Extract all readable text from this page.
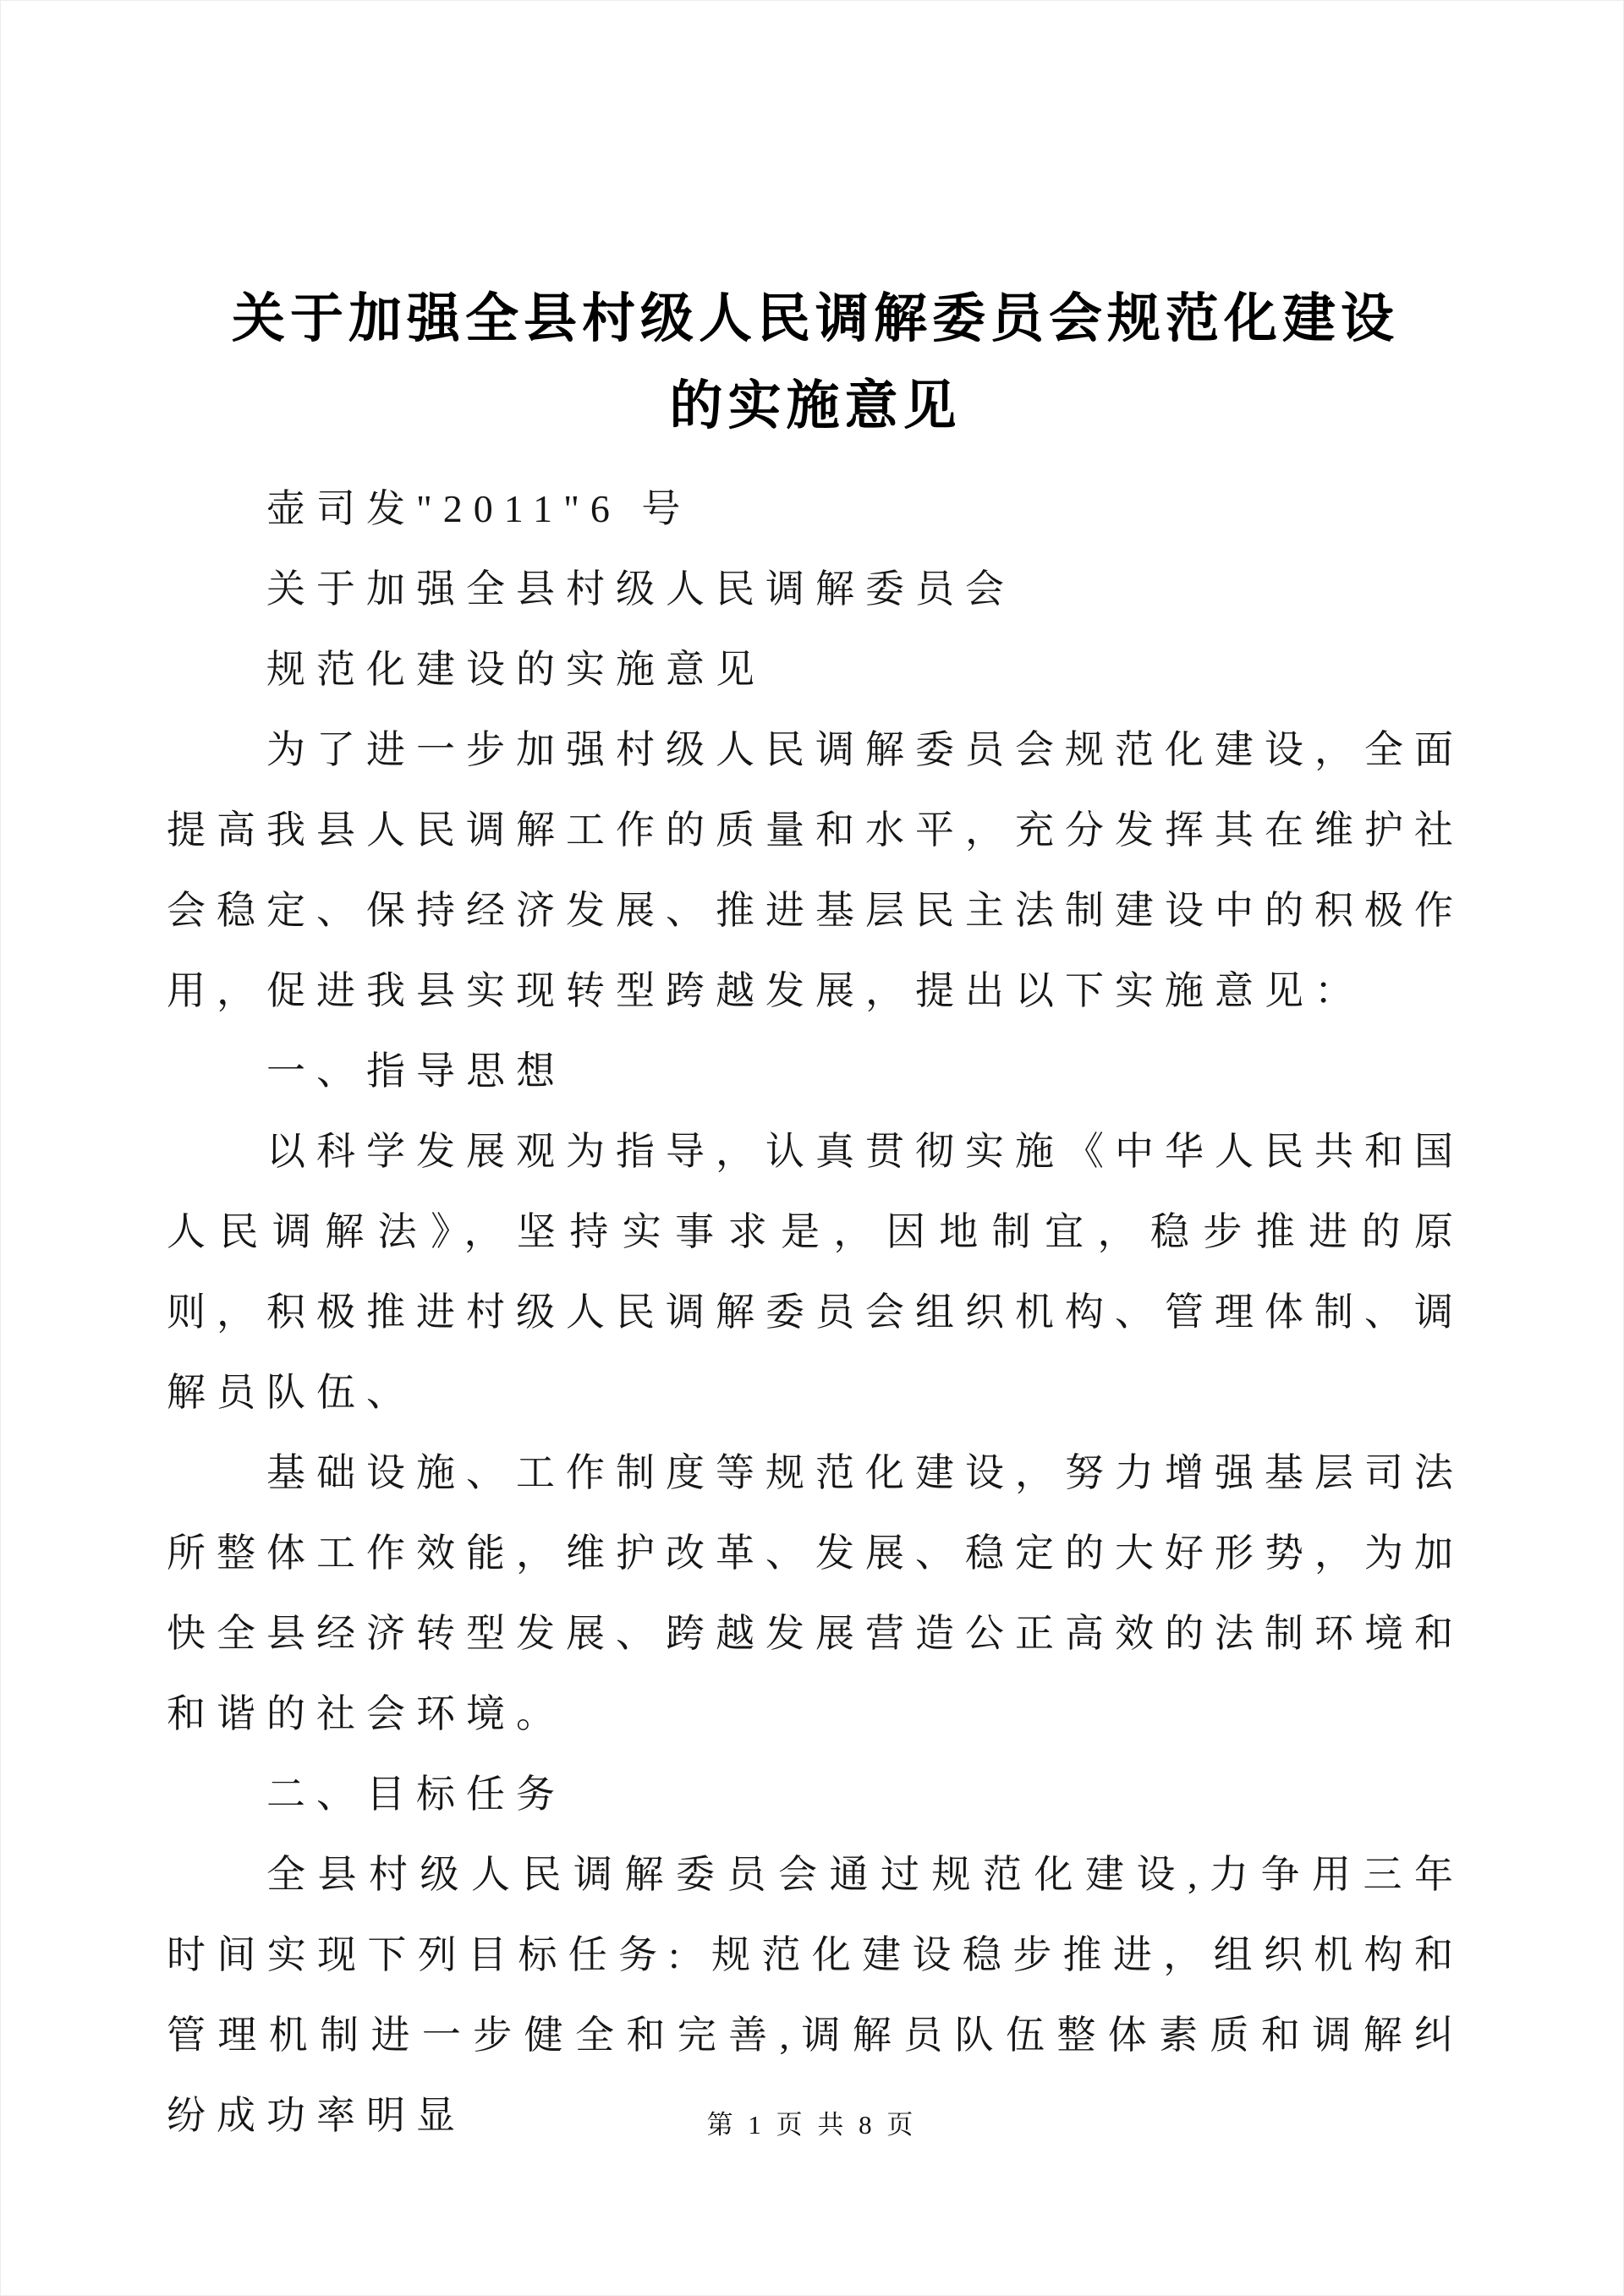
关于加强全县村级人民调解委员会规范化建设
的实施意见

壶司发"2011"6 号

关于加强全县村级人民调解委员会

规范化建设的实施意见

为了进一步加强村级人民调解委员会规范化建设，全面提高我县人民调解工作的质量和水平，充分发挥其在维护社会稳定、保持经济发展、推进基层民主法制建设中的积极作用，促进我县实现转型跨越发展，提出以下实施意见：

一、指导思想

以科学发展观为指导，认真贯彻实施《中华人民共和国人民调解法》，坚持实事求是，因地制宜，稳步推进的原则，积极推进村级人民调解委员会组织机构、管理体制、调解员队伍、

基础设施、工作制度等规范化建设，努力增强基层司法所整体工作效能，维护改革、发展、稳定的大好形势，为加快全县经济转型发展、跨越发展营造公正高效的法制环境和和谐的社会环境。

二、目标任务

全县村级人民调解委员会通过规范化建设,力争用三年时间实现下列目标任务: 规范化建设稳步推进，组织机构和管理机制进一步健全和完善,调解员队伍整体素质和调解纠纷成功率明显	第 1 页 共 8 页
